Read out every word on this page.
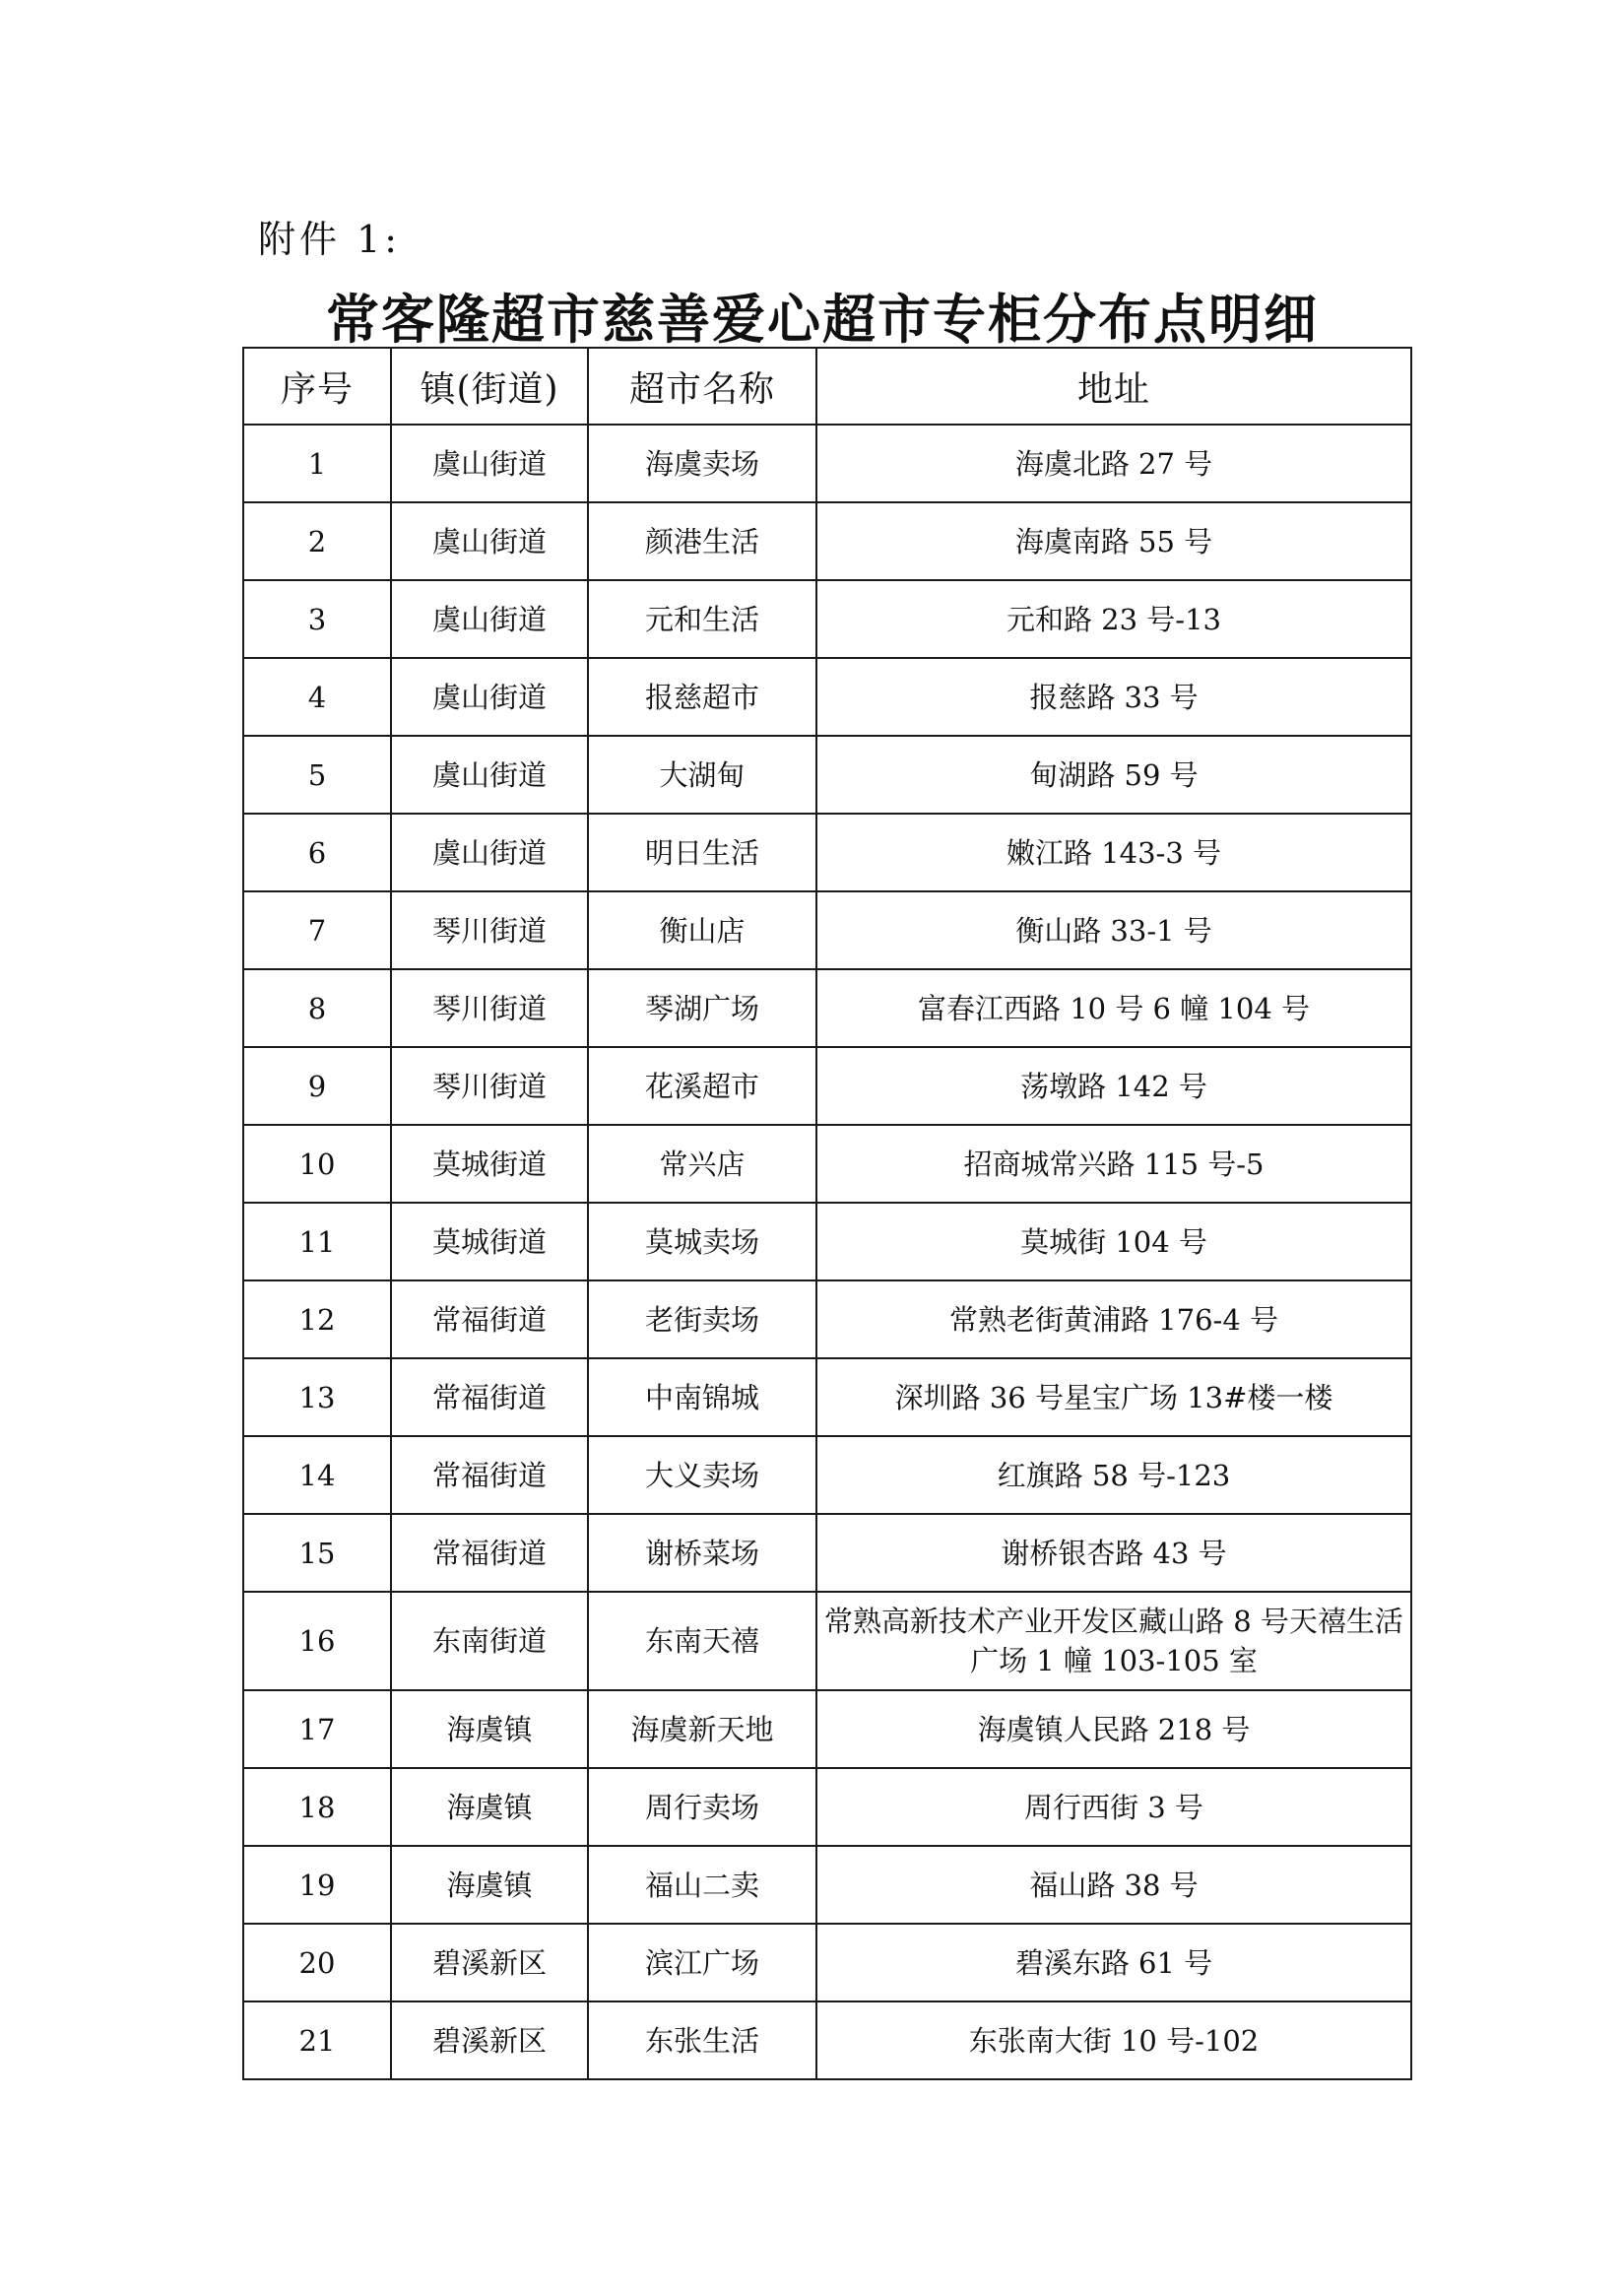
附件 1:
常客隆超市慈善爱心超市专柜分布点明细
序号	镇(街道)	超市名称	地址
1	虞山街道	海虞卖场	海虞北路 27 号
2	虞山街道	颜港生活	海虞南路 55 号
3	虞山街道	元和生活	元和路 23 号-13
4	虞山街道	报慈超市	报慈路 33 号
5	虞山街道	大湖甸	甸湖路 59 号
6	虞山街道	明日生活	嫩江路 143-3 号
7	琴川街道	衡山店	衡山路 33-1 号
8	琴川街道	琴湖广场	富春江西路 10 号 6 幢 104 号
9	琴川街道	花溪超市	荡墩路 142 号
10	莫城街道	常兴店	招商城常兴路 115 号-5
11	莫城街道	莫城卖场	莫城街 104 号
12	常福街道	老街卖场	常熟老街黄浦路 176-4 号
13	常福街道	中南锦城	深圳路 36 号星宝广场 13#楼一楼
14	常福街道	大义卖场	红旗路 58 号-123
15	常福街道	谢桥菜场	谢桥银杏路 43 号
16	东南街道	东南天禧	常熟高新技术产业开发区藏山路 8 号天禧生活广场 1 幢 103-105 室
17	海虞镇	海虞新天地	海虞镇人民路 218 号
18	海虞镇	周行卖场	周行西街 3 号
19	海虞镇	福山二卖	福山路 38 号
20	碧溪新区	滨江广场	碧溪东路 61 号
21	碧溪新区	东张生活	东张南大街 10 号-102
